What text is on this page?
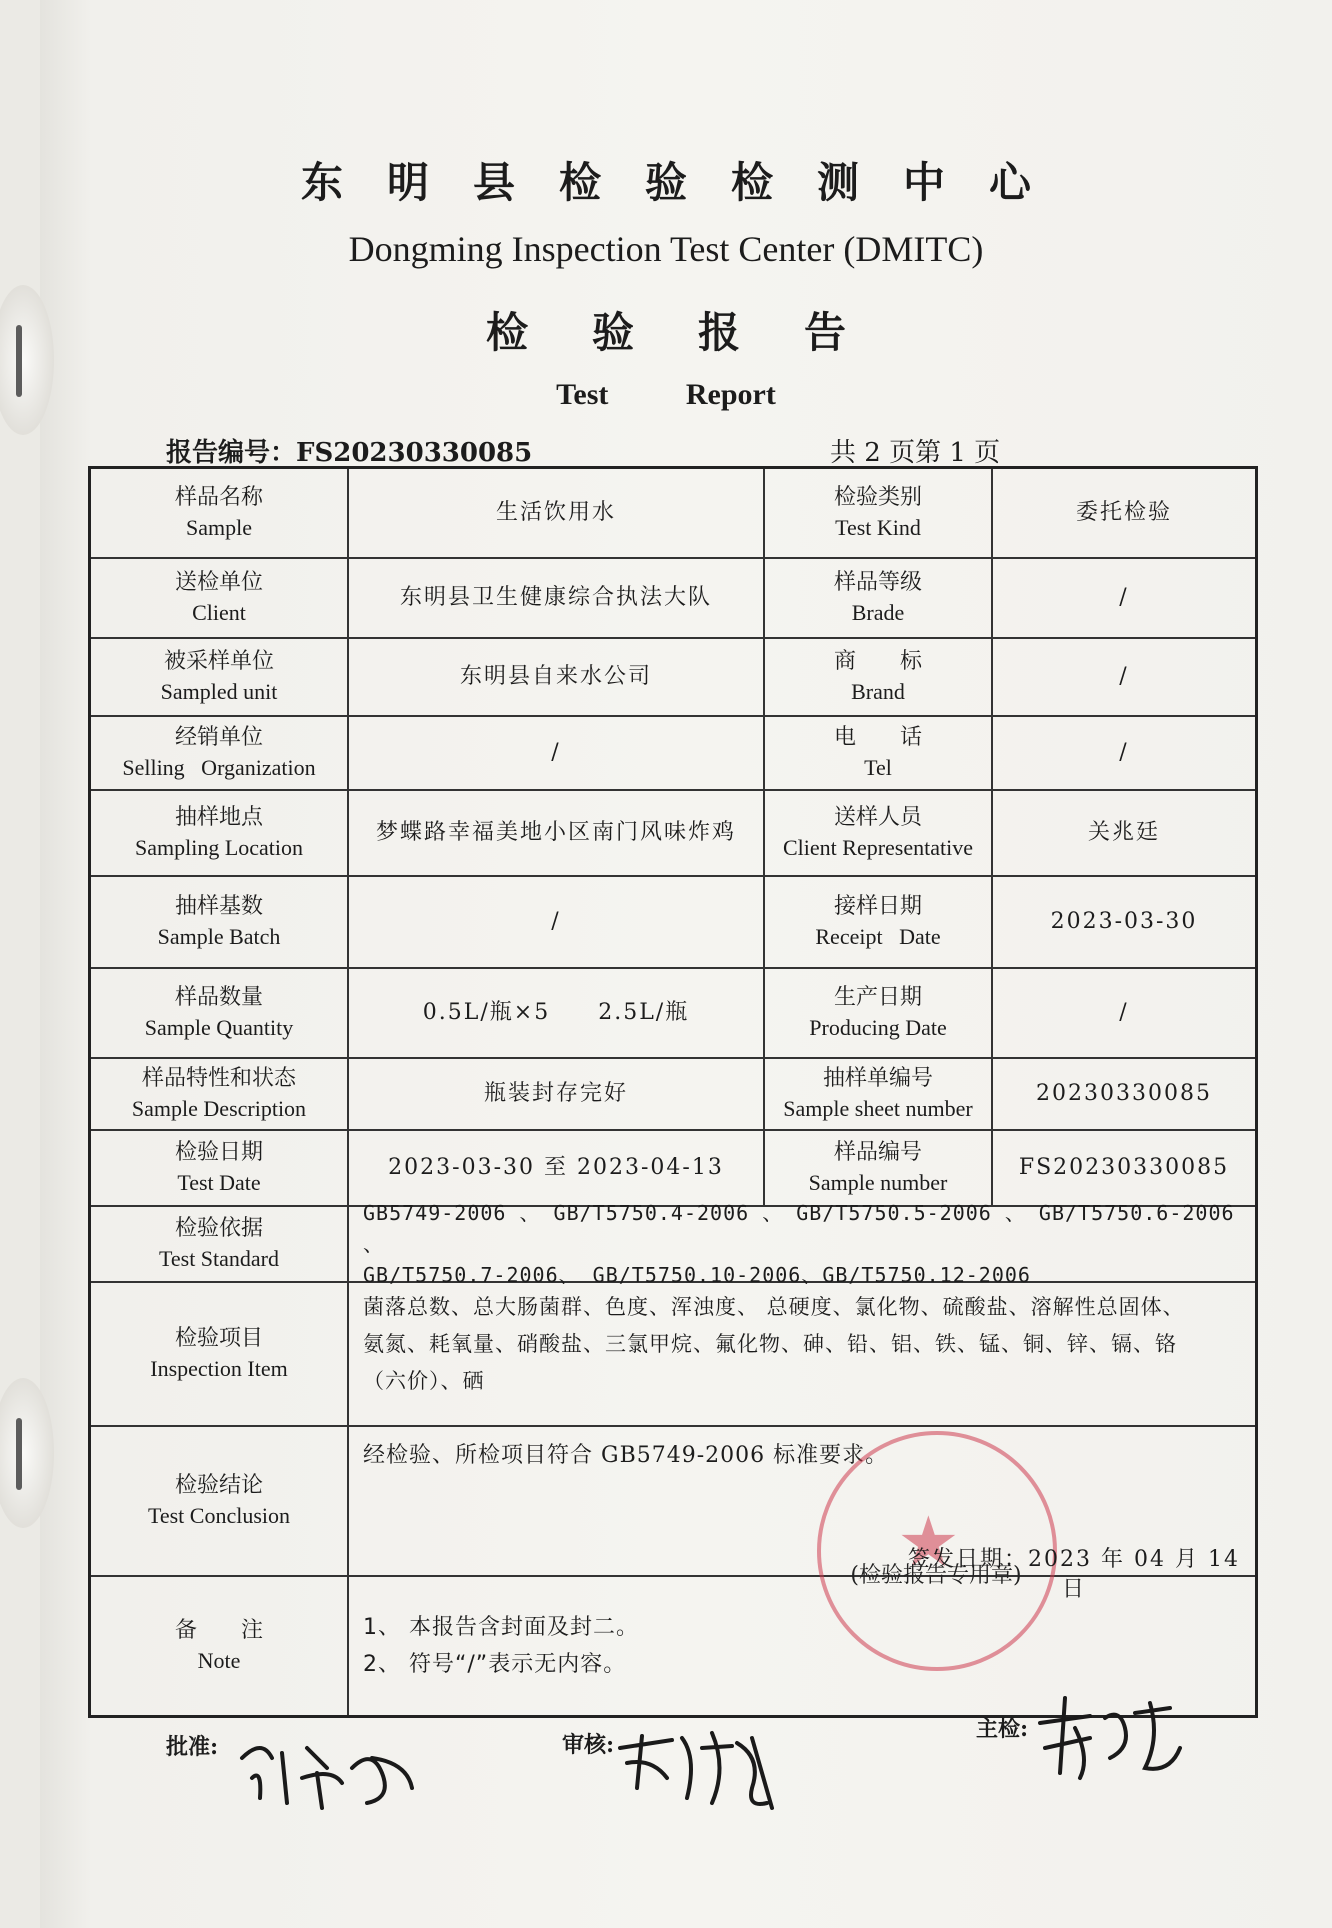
东明县检验检测中心
Dongming Inspection Test Center (DMITC)
检验报告
Test Report
报告编号：FS20230330085	共 2 页第 1 页
样品名称
Sample
生活饮用水
检验类别
Test Kind
委托检验
送检单位
Client
东明县卫生健康综合执法大队
样品等级
Brade
/
被采样单位
Sampled unit
东明县自来水公司
商　　标
Brand
/
经销单位
Selling   Organization
/
电　　话
Tel
/
抽样地点
Sampling Location
梦蝶路幸福美地小区南门风味炸鸡
送样人员
Client Representative
关兆廷
抽样基数
Sample Batch
/
接样日期
Receipt   Date
2023-03-30
样品数量
Sample Quantity
0.5L/瓶×5　　2.5L/瓶
生产日期
Producing Date
/
样品特性和状态
Sample Description
瓶装封存完好
抽样单编号
Sample sheet number
20230330085
检验日期
Test Date
2023-03-30 至 2023-04-13
样品编号
Sample number
FS20230330085
检验依据
Test Standard
GB5749-2006 、 GB/T5750.4-2006 、 GB/T5750.5-2006 、 GB/T5750.6-2006 、
GB/T5750.7-2006、 GB/T5750.10-2006、GB/T5750.12-2006
检验项目
Inspection Item
菌落总数、总大肠菌群、色度、浑浊度、 总硬度、氯化物、硫酸盐、溶解性总固体、
氨氮、耗氧量、硝酸盐、三氯甲烷、氟化物、砷、铅、铝、铁、锰、铜、锌、镉、铬
（六价）、硒
检验结论
Test Conclusion
经检验、所检项目符合 GB5749-2006 标准要求。
★
(检验报告专用章)
签发日期：2023 年 04 月 14 日
备　　注
Note
1、 本报告含封面及封二。
2、 符号“/”表示无内容。
批准:	审核:
主检:
